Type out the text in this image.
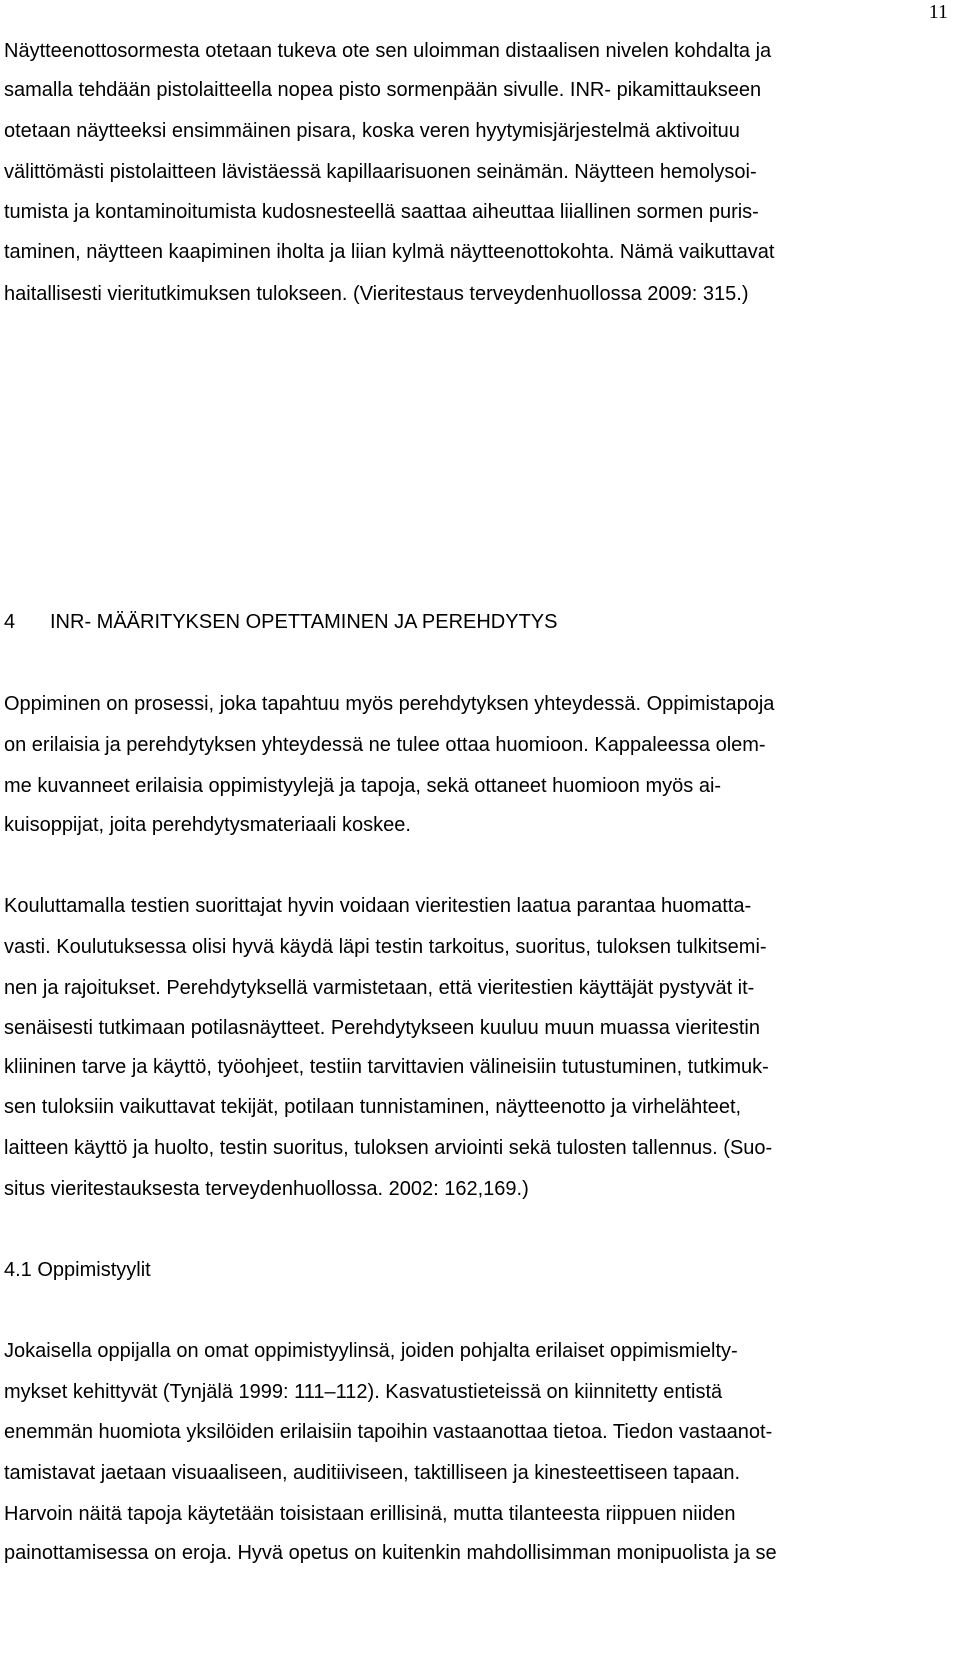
11
Näytteenottosormesta otetaan tukeva ote sen uloimman distaalisen nivelen kohdalta ja
samalla tehdään pistolaitteella nopea pisto sormenpään sivulle. INR- pikamittaukseen
otetaan näytteeksi ensimmäinen pisara, koska veren hyytymisjärjestelmä aktivoituu
välittömästi pistolaitteen lävistäessä kapillaarisuonen seinämän. Näytteen hemolysoi-
tumista ja kontaminoitumista kudosnesteellä saattaa aiheuttaa liiallinen sormen puris-
taminen, näytteen kaapiminen iholta ja liian kylmä näytteenottokohta. Nämä vaikuttavat
haitallisesti vieritutkimuksen tulokseen. (Vieritestaus terveydenhuollossa 2009: 315.)
4 INR- MÄÄRITYKSEN OPETTAMINEN JA PEREHDYTYS
Oppiminen on prosessi, joka tapahtuu myös perehdytyksen yhteydessä. Oppimistapoja
on erilaisia ja perehdytyksen yhteydessä ne tulee ottaa huomioon. Kappaleessa olem-
me kuvanneet erilaisia oppimistyylejä ja tapoja, sekä ottaneet huomioon myös ai-
kuisoppijat, joita perehdytysmateriaali koskee.
Kouluttamalla testien suorittajat hyvin voidaan vieritestien laatua parantaa huomatta-
vasti. Koulutuksessa olisi hyvä käydä läpi testin tarkoitus, suoritus, tuloksen tulkitsemi-
nen ja rajoitukset. Perehdytyksellä varmistetaan, että vieritestien käyttäjät pystyvät it-
senäisesti tutkimaan potilasnäytteet. Perehdytykseen kuuluu muun muassa vieritestin
kliininen tarve ja käyttö, työohjeet, testiin tarvittavien välineisiin tutustuminen, tutkimuk-
sen tuloksiin vaikuttavat tekijät, potilaan tunnistaminen, näytteenotto ja virhelähteet,
laitteen käyttö ja huolto, testin suoritus, tuloksen arviointi sekä tulosten tallennus. (Suo-
situs vieritestauksesta terveydenhuollossa. 2002: 162,169.)
4.1 Oppimistyylit
Jokaisella oppijalla on omat oppimistyylinsä, joiden pohjalta erilaiset oppimismielty-
mykset kehittyvät (Tynjälä 1999: 111–112). Kasvatustieteissä on kiinnitetty entistä
enemmän huomiota yksilöiden erilaisiin tapoihin vastaanottaa tietoa. Tiedon vastaanot-
tamistavat jaetaan visuaaliseen, auditiiviseen, taktilliseen ja kinesteettiseen tapaan.
Harvoin näitä tapoja käytetään toisistaan erillisinä, mutta tilanteesta riippuen niiden
painottamisessa on eroja. Hyvä opetus on kuitenkin mahdollisimman monipuolista ja se
